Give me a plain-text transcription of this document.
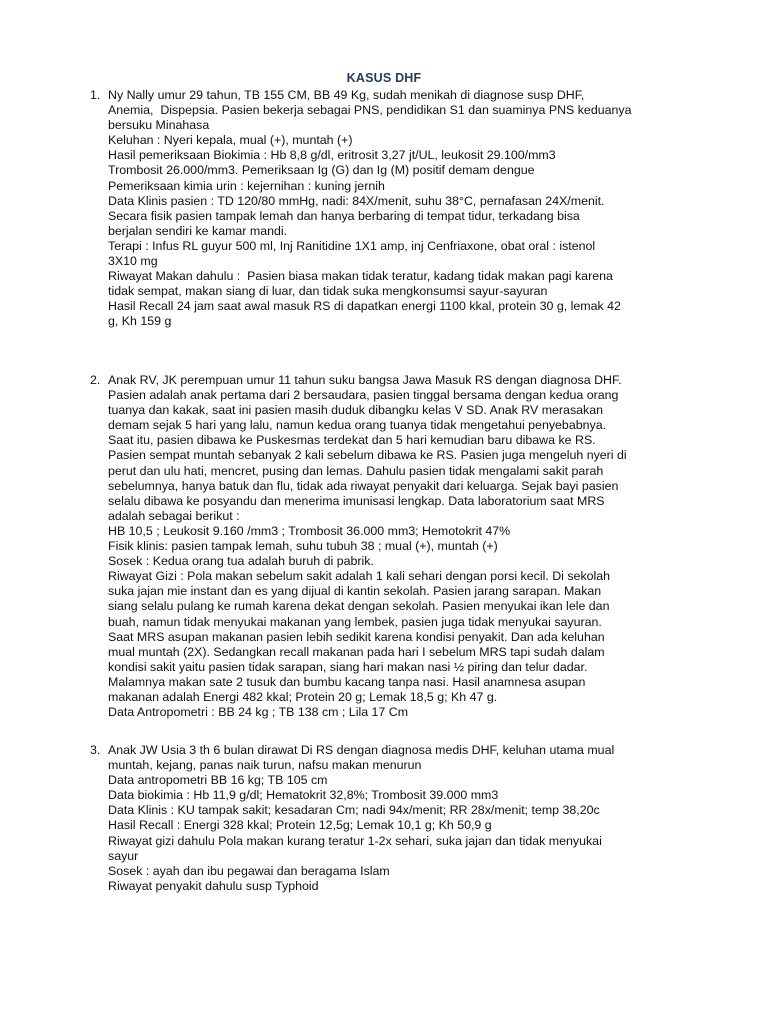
KASUS DHF
1. Ny Nally umur 29 tahun, TB 155 CM, BB 49 Kg, sudah menikah di diagnose susp DHF,
Anemia,  Dispepsia. Pasien bekerja sebagai PNS, pendidikan S1 dan suaminya PNS keduanya
bersuku Minahasa
Keluhan : Nyeri kepala, mual (+), muntah (+)
Hasil pemeriksaan Biokimia : Hb 8,8 g/dl, eritrosit 3,27 jt/UL, leukosit 29.100/mm3
Trombosit 26.000/mm3. Pemeriksaan Ig (G) dan Ig (M) positif demam dengue
Pemeriksaan kimia urin : kejernihan : kuning jernih
Data Klinis pasien : TD 120/80 mmHg, nadi: 84X/menit, suhu 38°C, pernafasan 24X/menit.
Secara fisik pasien tampak lemah dan hanya berbaring di tempat tidur, terkadang bisa
berjalan sendiri ke kamar mandi.
Terapi : Infus RL guyur 500 ml, Inj Ranitidine 1X1 amp, inj Cenfriaxone, obat oral : istenol
3X10 mg
Riwayat Makan dahulu :  Pasien biasa makan tidak teratur, kadang tidak makan pagi karena
tidak sempat, makan siang di luar, dan tidak suka mengkonsumsi sayur-sayuran
Hasil Recall 24 jam saat awal masuk RS di dapatkan energi 1100 kkal, protein 30 g, lemak 42
g, Kh 159 g
2. Anak RV, JK perempuan umur 11 tahun suku bangsa Jawa Masuk RS dengan diagnosa DHF.
Pasien adalah anak pertama dari 2 bersaudara, pasien tinggal bersama dengan kedua orang
tuanya dan kakak, saat ini pasien masih duduk dibangku kelas V SD. Anak RV merasakan
demam sejak 5 hari yang lalu, namun kedua orang tuanya tidak mengetahui penyebabnya.
Saat itu, pasien dibawa ke Puskesmas terdekat dan 5 hari kemudian baru dibawa ke RS.
Pasien sempat muntah sebanyak 2 kali sebelum dibawa ke RS. Pasien juga mengeluh nyeri di
perut dan ulu hati, mencret, pusing dan lemas. Dahulu pasien tidak mengalami sakit parah
sebelumnya, hanya batuk dan flu, tidak ada riwayat penyakit dari keluarga. Sejak bayi pasien
selalu dibawa ke posyandu dan menerima imunisasi lengkap. Data laboratorium saat MRS
adalah sebagai berikut :
HB 10,5 ; Leukosit 9.160 /mm3 ; Trombosit 36.000 mm3; Hemotokrit 47%
Fisik klinis: pasien tampak lemah, suhu tubuh 38 ; mual (+), muntah (+)
Sosek : Kedua orang tua adalah buruh di pabrik.
Riwayat Gizi : Pola makan sebelum sakit adalah 1 kali sehari dengan porsi kecil. Di sekolah
suka jajan mie instant dan es yang dijual di kantin sekolah. Pasien jarang sarapan. Makan
siang selalu pulang ke rumah karena dekat dengan sekolah. Pasien menyukai ikan lele dan
buah, namun tidak menyukai makanan yang lembek, pasien juga tidak menyukai sayuran.
Saat MRS asupan makanan pasien lebih sedikit karena kondisi penyakit. Dan ada keluhan
mual muntah (2X). Sedangkan recall makanan pada hari I sebelum MRS tapi sudah dalam
kondisi sakit yaitu pasien tidak sarapan, siang hari makan nasi ½ piring dan telur dadar.
Malamnya makan sate 2 tusuk dan bumbu kacang tanpa nasi. Hasil anamnesa asupan
makanan adalah Energi 482 kkal; Protein 20 g; Lemak 18,5 g; Kh 47 g.
Data Antropometri : BB 24 kg ; TB 138 cm ; Lila 17 Cm
3. Anak JW Usia 3 th 6 bulan dirawat Di RS dengan diagnosa medis DHF, keluhan utama mual
muntah, kejang, panas naik turun, nafsu makan menurun
Data antropometri BB 16 kg; TB 105 cm
Data biokimia : Hb 11,9 g/dl; Hematokrit 32,8%; Trombosit 39.000 mm3
Data Klinis : KU tampak sakit; kesadaran Cm; nadi 94x/menit; RR 28x/menit; temp 38,20c
Hasil Recall : Energi 328 kkal; Protein 12,5g; Lemak 10,1 g; Kh 50,9 g
Riwayat gizi dahulu Pola makan kurang teratur 1-2x sehari, suka jajan dan tidak menyukai
sayur
Sosek : ayah dan ibu pegawai dan beragama Islam
Riwayat penyakit dahulu susp Typhoid
